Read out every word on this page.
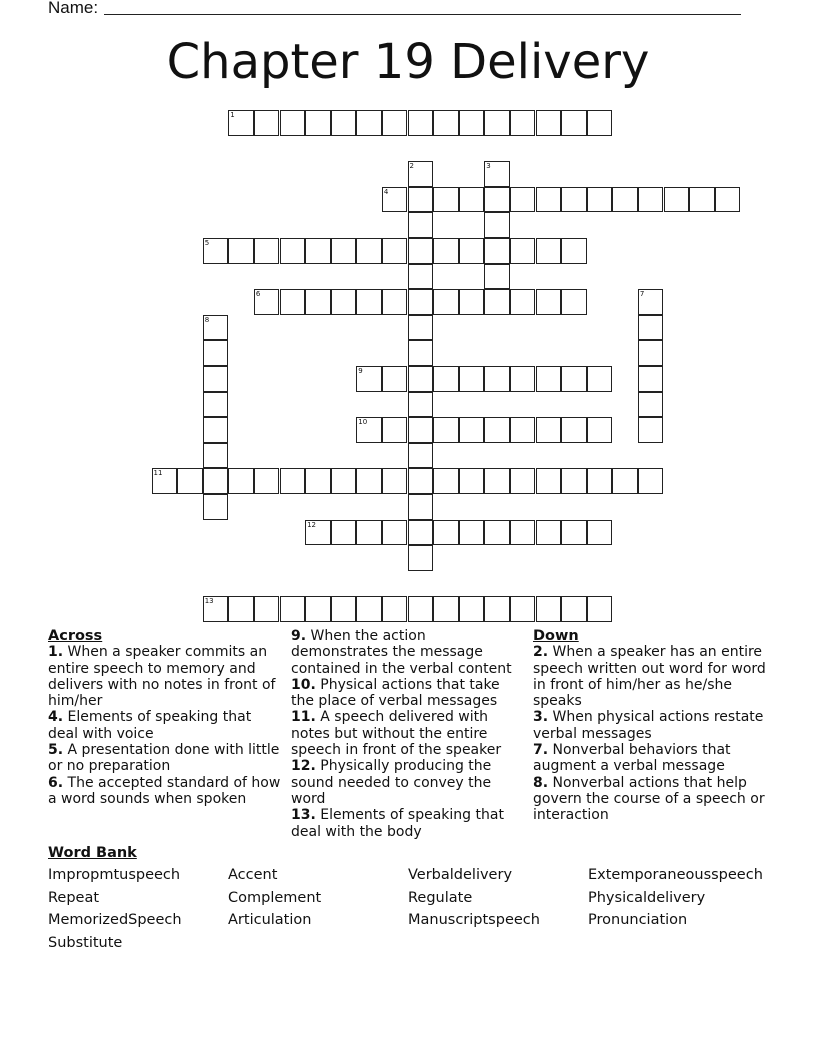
Name:
Chapter 19 Delivery
1
2	3
4
5
6	7
8
9
10
11
12
13
Across

1. When a speaker commits an entire speech to memory and delivers with no notes in front of him/her

4. Elements of speaking that deal with voice

5. A presentation done with little or no preparation

6. The accepted standard of how a word sounds when spoken

9. When the action demonstrates the message contained in the verbal content

10. Physical actions that take the place of verbal messages

11. A speech delivered with notes but without the entire speech in front of the speaker

12. Physically producing the sound needed to convey the word

13. Elements of speaking that deal with the body

Down

2. When a speaker has an entire speech written out word for word in front of him/her as he/she speaks

3. When physical actions restate verbal messages

7. Nonverbal behaviors that augment a verbal message

8. Nonverbal actions that help govern the course of a speech or interaction

Word Bank
Impropmtuspeech	Accent	Verbaldelivery	Extemporaneousspeech
Repeat	Complement	Regulate	Physicaldelivery
MemorizedSpeech	Articulation	Manuscriptspeech	Pronunciation
Substitute
